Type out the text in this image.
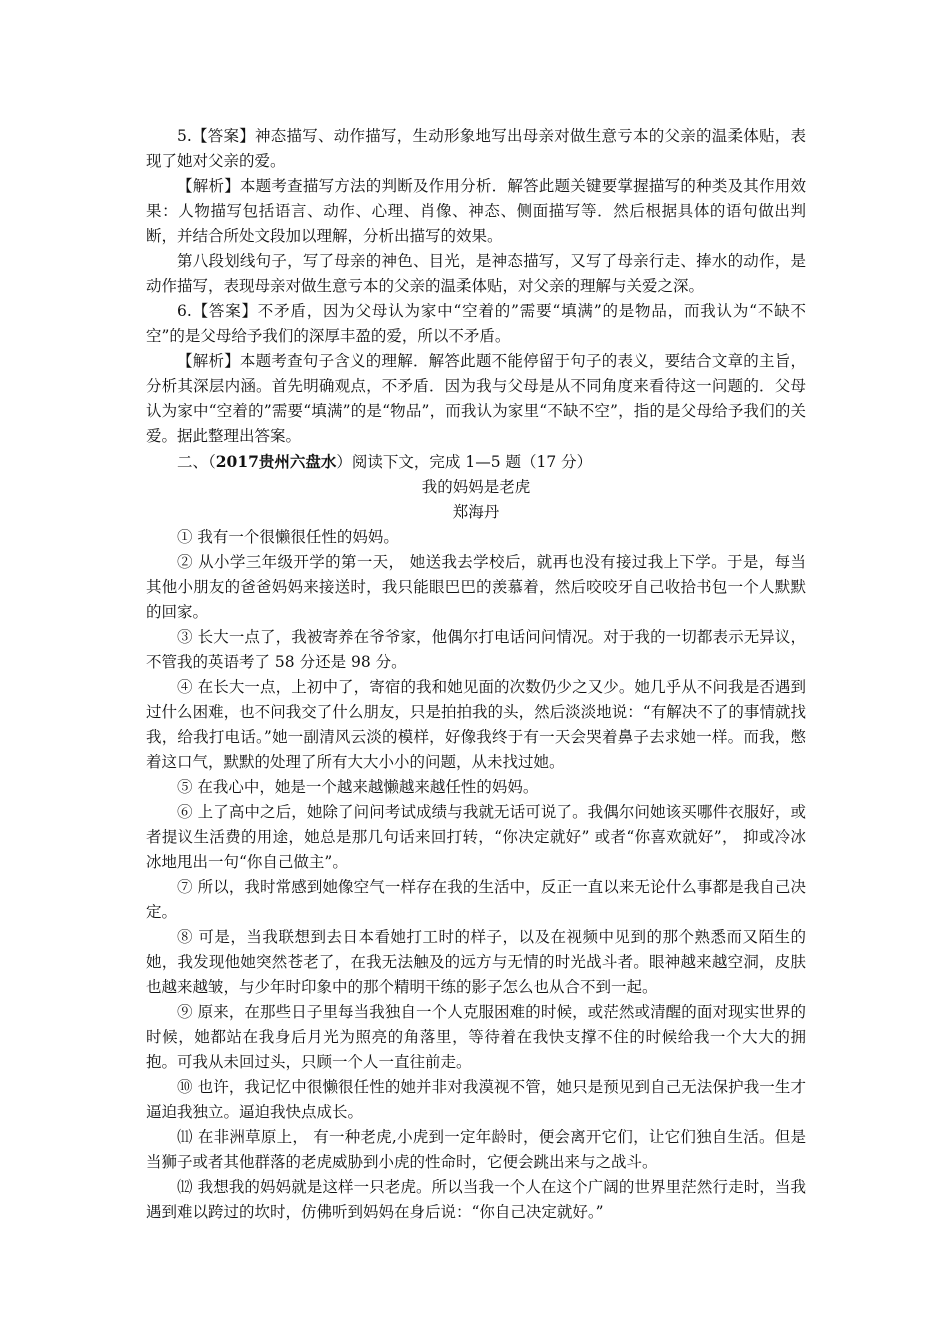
5.【答案】神态描写、动作描写，生动形象地写出母亲对做生意亏本的父亲的温柔体贴，表现了她对父亲的爱。

【解析】本题考查描写方法的判断及作用分析．解答此题关键要掌握描写的种类及其作用效果：人物描写包括语言、动作、心理、肖像、神态、侧面描写等．然后根据具体的语句做出判断，并结合所处文段加以理解，分析出描写的效果。

第八段划线句子，写了母亲的神色、目光，是神态描写，又写了母亲行走、捧水的动作，是动作描写，表现母亲对做生意亏本的父亲的温柔体贴，对父亲的理解与关爱之深。

6.【答案】不矛盾，因为父母认为家中“空着的”需要“填满”的是物品，而我认为“不缺不空”的是父母给予我们的深厚丰盈的爱，所以不矛盾。

【解析】本题考查句子含义的理解．解答此题不能停留于句子的表义，要结合文章的主旨，分析其深层内涵。首先明确观点，不矛盾．因为我与父母是从不同角度来看待这一问题的．父母认为家中“空着的”需要“填满”的是“物品”，而我认为家里“不缺不空”，指的是父母给予我们的关爱。据此整理出答案。

二、（2017贵州六盘水）阅读下文，完成 1—5 题（17 分）

我的妈妈是老虎

郑海丹

① 我有一个很懒很任性的妈妈。

② 从小学三年级开学的第一天， 她送我去学校后，就再也没有接过我上下学。于是，每当其他小朋友的爸爸妈妈来接送时，我只能眼巴巴的羡慕着，然后咬咬牙自己收拾书包一个人默默的回家。

③ 长大一点了，我被寄养在爷爷家，他偶尔打电话问问情况。对于我的一切都表示无异议，不管我的英语考了 58 分还是 98 分。

④ 在长大一点，上初中了，寄宿的我和她见面的次数仍少之又少。她几乎从不问我是否遇到过什么困难，也不问我交了什么朋友，只是拍拍我的头，然后淡淡地说：“有解决不了的事情就找我，给我打电话。”她一副清风云淡的模样，好像我终于有一天会哭着鼻子去求她一样。而我，憋着这口气，默默的处理了所有大大小小的问题，从未找过她。

⑤ 在我心中，她是一个越来越懒越来越任性的妈妈。

⑥ 上了高中之后，她除了问问考试成绩与我就无话可说了。我偶尔问她该买哪件衣服好，或者提议生活费的用途，她总是那几句话来回打转，“你决定就好” 或者“你喜欢就好”， 抑或冷冰冰地甩出一句“你自己做主”。

⑦ 所以，我时常感到她像空气一样存在我的生活中，反正一直以来无论什么事都是我自己决定。

⑧ 可是，当我联想到去日本看她打工时的样子，以及在视频中见到的那个熟悉而又陌生的她，我发现他她突然苍老了，在我无法触及的远方与无情的时光战斗者。眼神越来越空洞，皮肤也越来越皱，与少年时印象中的那个精明干练的影子怎么也从合不到一起。

⑨ 原来，在那些日子里每当我独自一个人克服困难的时候，或茫然或清醒的面对现实世界的时候，她都站在我身后月光为照亮的角落里，等待着在我快支撑不住的时候给我一个大大的拥抱。可我从未回过头，只顾一个人一直往前走。

⑩ 也许，我记忆中很懒很任性的她并非对我漠视不管，她只是预见到自己无法保护我一生才逼迫我独立。逼迫我快点成长。

⑾ 在非洲草原上， 有一种老虎,小虎到一定年龄时，便会离开它们，让它们独自生活。但是当狮子或者其他群落的老虎威胁到小虎的性命时，它便会跳出来与之战斗。

⑿ 我想我的妈妈就是这样一只老虎。所以当我一个人在这个广阔的世界里茫然行走时，当我遇到难以跨过的坎时，仿佛听到妈妈在身后说：“你自己决定就好。”
